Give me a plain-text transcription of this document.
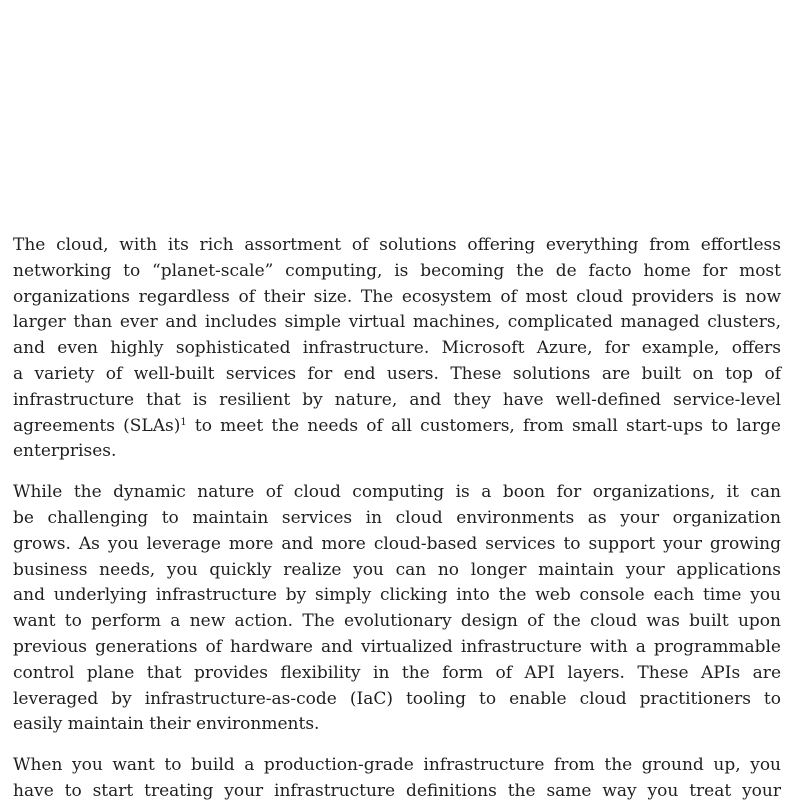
The cloud, with its rich assortment of solutions offering everything from effortless
networking to “planet-scale” computing, is becoming the de facto home for most
organizations regardless of their size. The ecosystem of most cloud providers is now
larger than ever and includes simple virtual machines, complicated managed clusters,
and even highly sophisticated infrastructure. Microsoft Azure, for example, offers
a variety of well-built services for end users. These solutions are built on top of
infrastructure that is resilient by nature, and they have well-defined service-level
agreements (SLAs)$^1$ to meet the needs of all customers, from small start-ups to large
enterprises.

While the dynamic nature of cloud computing is a boon for organizations, it can
be challenging to maintain services in cloud environments as your organization
grows. As you leverage more and more cloud-based services to support your growing
business needs, you quickly realize you can no longer maintain your applications
and underlying infrastructure by simply clicking into the web console each time you
want to perform a new action. The evolutionary design of the cloud was built upon
previous generations of hardware and virtualized infrastructure with a programmable
control plane that provides flexibility in the form of API layers. These APIs are
leveraged by infrastructure-as-code (IaC) tooling to enable cloud practitioners to
easily maintain their environments.

When you want to build a production-grade infrastructure from the ground up, you
have to start treating your infrastructure definitions the same way you treat your
